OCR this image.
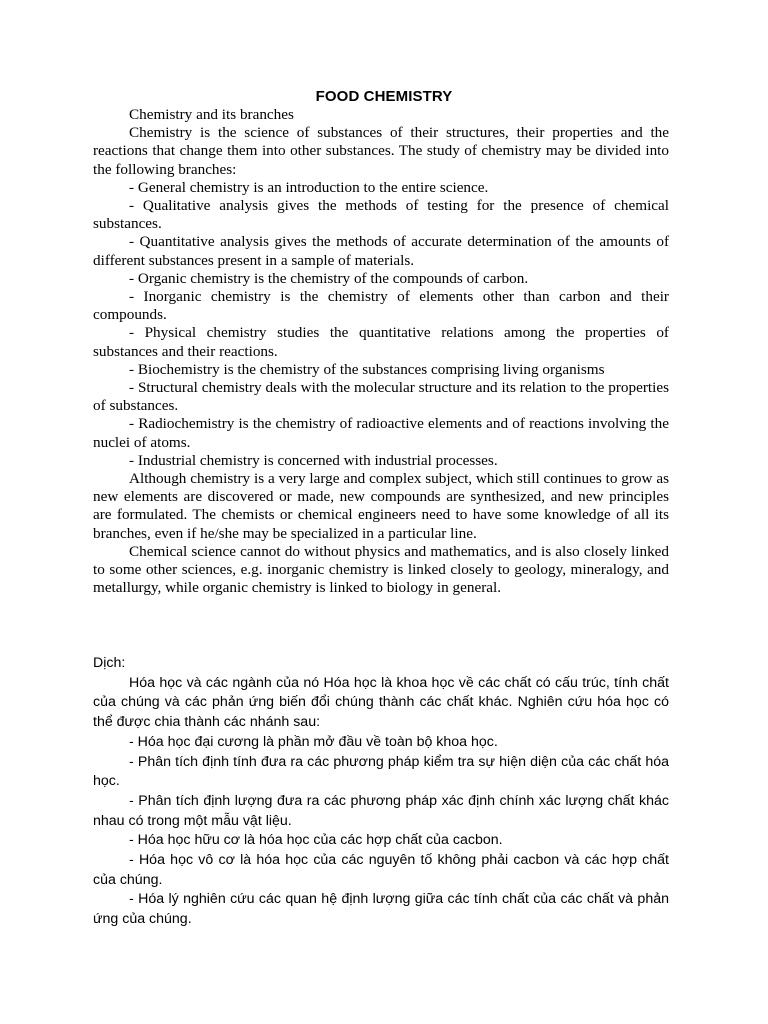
FOOD CHEMISTRY

Chemistry and its branches

Chemistry is the science of substances of their structures, their properties and the reactions that change them into other substances. The study of chemistry may be divided into the following branches:

- General chemistry is an introduction to the entire science.

- Qualitative analysis gives the methods of testing for the presence of chemical substances.

- Quantitative analysis gives the methods of accurate determination of the amounts of different substances present in a sample of materials.

- Organic chemistry is the chemistry of the compounds of carbon.

- Inorganic chemistry is the chemistry of elements other than carbon and their compounds.

- Physical chemistry studies the quantitative relations among the properties of substances and their reactions.

- Biochemistry is the chemistry of the substances comprising living organisms

- Structural chemistry deals with the molecular structure and its relation to the properties of substances.

- Radiochemistry is the chemistry of radioactive elements and of reactions involving the nuclei of atoms.

- Industrial chemistry is concerned with industrial processes.

Although chemistry is a very large and complex subject, which still continues to grow as new elements are discovered or made, new compounds are synthesized, and new principles are formulated. The chemists or chemical engineers need to have some knowledge of all its branches, even if he/she may be specialized in a particular line.

Chemical science cannot do without physics and mathematics, and is also closely linked to some other sciences, e.g. inorganic chemistry is linked closely to geology, mineralogy, and metallurgy, while organic chemistry is linked to biology in general.

Dịch:

Hóa học và các ngành của nó Hóa học là khoa học về các chất có cấu trúc, tính chất của chúng và các phản ứng biến đổi chúng thành các chất khác. Nghiên cứu hóa học có thể được chia thành các nhánh sau:

- Hóa học đại cương là phần mở đầu về toàn bộ khoa học.

- Phân tích định tính đưa ra các phương pháp kiểm tra sự hiện diện của các chất hóa học.

- Phân tích định lượng đưa ra các phương pháp xác định chính xác lượng chất khác nhau có trong một mẫu vật liệu.

- Hóa học hữu cơ là hóa học của các hợp chất của cacbon.

- Hóa học vô cơ là hóa học của các nguyên tố không phải cacbon và các hợp chất của chúng.

- Hóa lý nghiên cứu các quan hệ định lượng giữa các tính chất của các chất và phản ứng của chúng.
